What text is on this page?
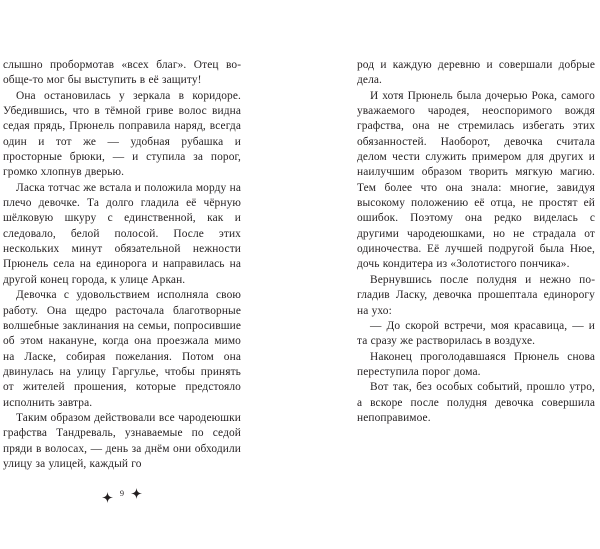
слышно пробормотав «всех благ». Отец вообще-то мог бы выступить в её защиту!

Она остановилась у зеркала в коридоре. Убедившись, что в тёмной гриве волос видна седая прядь, Прюнель поправила наряд, всегда один и тот же — удобная рубашка и просторные брюки, — и ступила за порог, громко хлопнув дверью.

Ласка тотчас же встала и положила морду на плечо девочке. Та долго гладила её чёрную шёлковую шкуру с единственной, как и следовало, белой полосой. После этих нескольких минут обязательной нежности Прюнель села на единорога и направилась на другой конец города, к улице Аркан.

Девочка с удовольствием исполняла свою работу. Она щедро расточала благотворные волшебные заклинания на семьи, попросившие об этом накануне, когда она проезжала мимо на Ласке, собирая пожелания. Потом она двинулась на улицу Гаргулье, чтобы принять от жителей прошения, которые предстояло исполнить завтра.

Таким образом действовали все чародеюшки графства Тандреваль, узнаваемые по седой пряди в волосах, — день за днём они обходили улицу за улицей, каждый го

9

род и каждую деревню и совершали добрые дела.

И хотя Прюнель была дочерью Рока, самого уважаемого чародея, неоспоримого вождя графства, она не стремилась избегать этих обязанностей. Наоборот, девочка считала делом чести служить примером для других и наилучшим образом творить мягкую магию. Тем более что она знала: многие, завидуя высокому положению её отца, не простят ей ошибок. Поэтому она редко виделась с другими чародеюшками, но не страдала от одиночества. Её лучшей подругой была Нюе, дочь кондитера из «Золотистого пончика».

Вернувшись после полудня и нежно погладив Ласку, девочка прошептала единорогу на ухо:

— До скорой встречи, моя красавица, — и та сразу же растворилась в воздухе.

Наконец проголодавшаяся Прюнель снова переступила порог дома.

Вот так, без особых событий, прошло утро, а вскоре после полудня девочка совершила непоправимое.
